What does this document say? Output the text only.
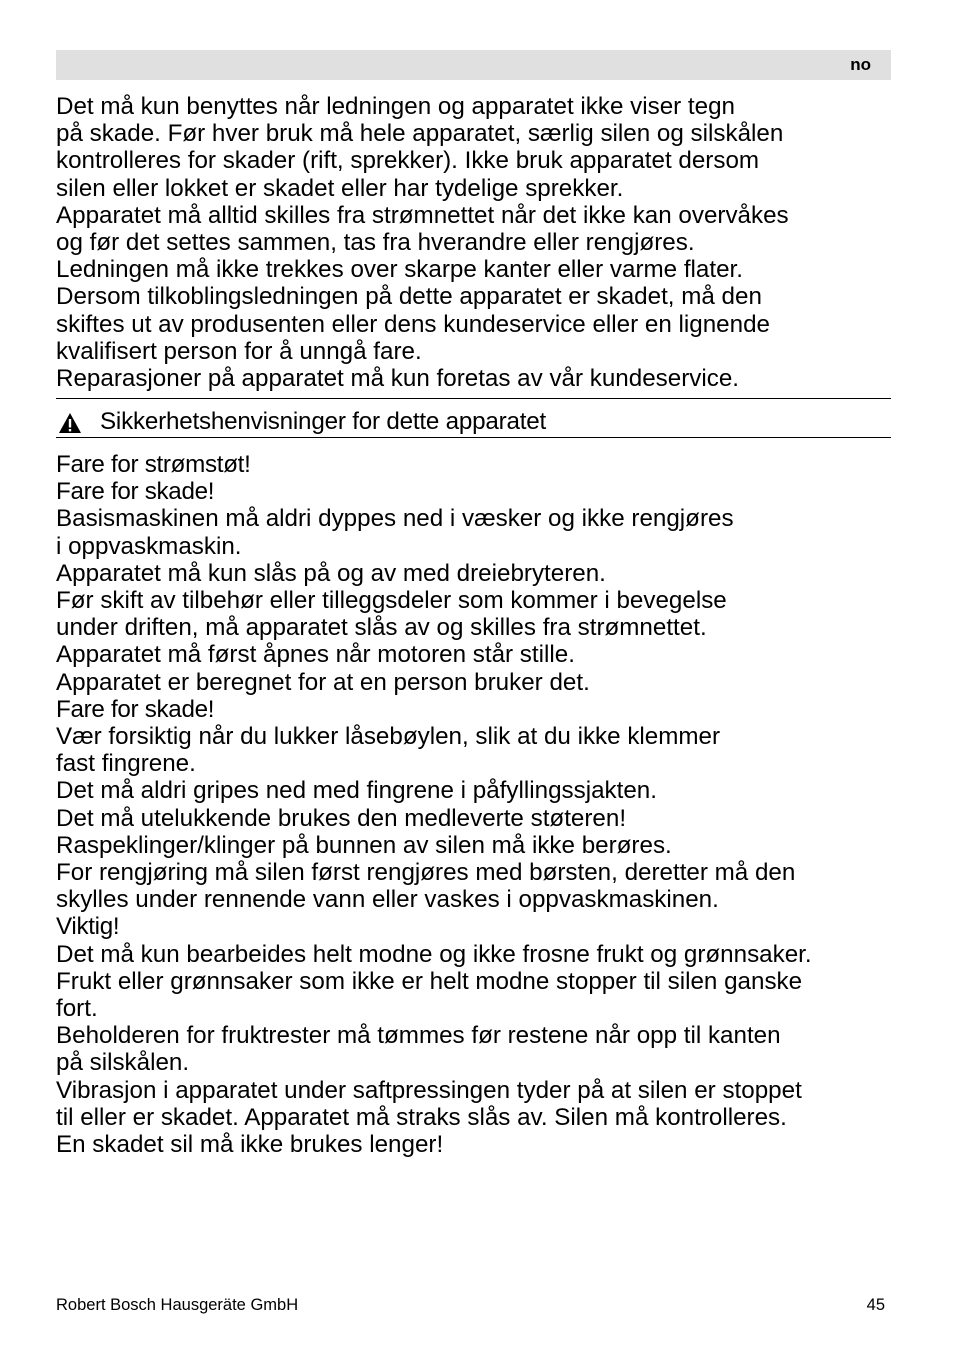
no
Det må kun benyttes når ledningen og apparatet ikke viser tegn
på skade. Før hver bruk må hele apparatet, særlig silen og silskålen
kontrolleres for skader (rift, sprekker). Ikke bruk apparatet dersom
silen eller lokket er skadet eller har tydelige sprekker.
Apparatet må alltid skilles fra strømnettet når det ikke kan overvåkes
og før det settes sammen, tas fra hverandre eller rengjøres.
Ledningen må ikke trekkes over skarpe kanter eller varme flater.
Dersom tilkoblingsledningen på dette apparatet er skadet, må den
skiftes ut av produsenten eller dens kundeservice eller en lignende
kvalifisert person for å unngå fare.
Reparasjoner på apparatet må kun foretas av vår kundeservice.
Sikkerhetshenvisninger for dette apparatet
Fare for strømstøt!
Fare for skade!
Basismaskinen må aldri dyppes ned i væsker og ikke rengjøres
i oppvaskmaskin.
Apparatet må kun slås på og av med dreiebryteren.
Før skift av tilbehør eller tilleggsdeler som kommer i bevegelse
under driften, må apparatet slås av og skilles fra strømnettet.
Apparatet må først åpnes når motoren står stille.
Apparatet er beregnet for at en person bruker det.
Fare for skade!
Vær forsiktig når du lukker låsebøylen, slik at du ikke klemmer
fast fingrene.
Det må aldri gripes ned med fingrene i påfyllingssjakten.
Det må utelukkende brukes den medleverte støteren!
Raspeklinger/klinger på bunnen av silen må ikke berøres.
For rengjøring må silen først rengjøres med børsten, deretter må den
skylles under rennende vann eller vaskes i oppvaskmaskinen.
Viktig!
Det må kun bearbeides helt modne og ikke frosne frukt og grønnsaker.
Frukt eller grønnsaker som ikke er helt modne stopper til silen ganske
fort.
Beholderen for fruktrester må tømmes før restene når opp til kanten
på silskålen.
Vibrasjon i apparatet under saftpressingen tyder på at silen er stoppet
til eller er skadet. Apparatet må straks slås av. Silen må kontrolleres.
En skadet sil må ikke brukes lenger!
Robert Bosch Hausgeräte GmbH	45
